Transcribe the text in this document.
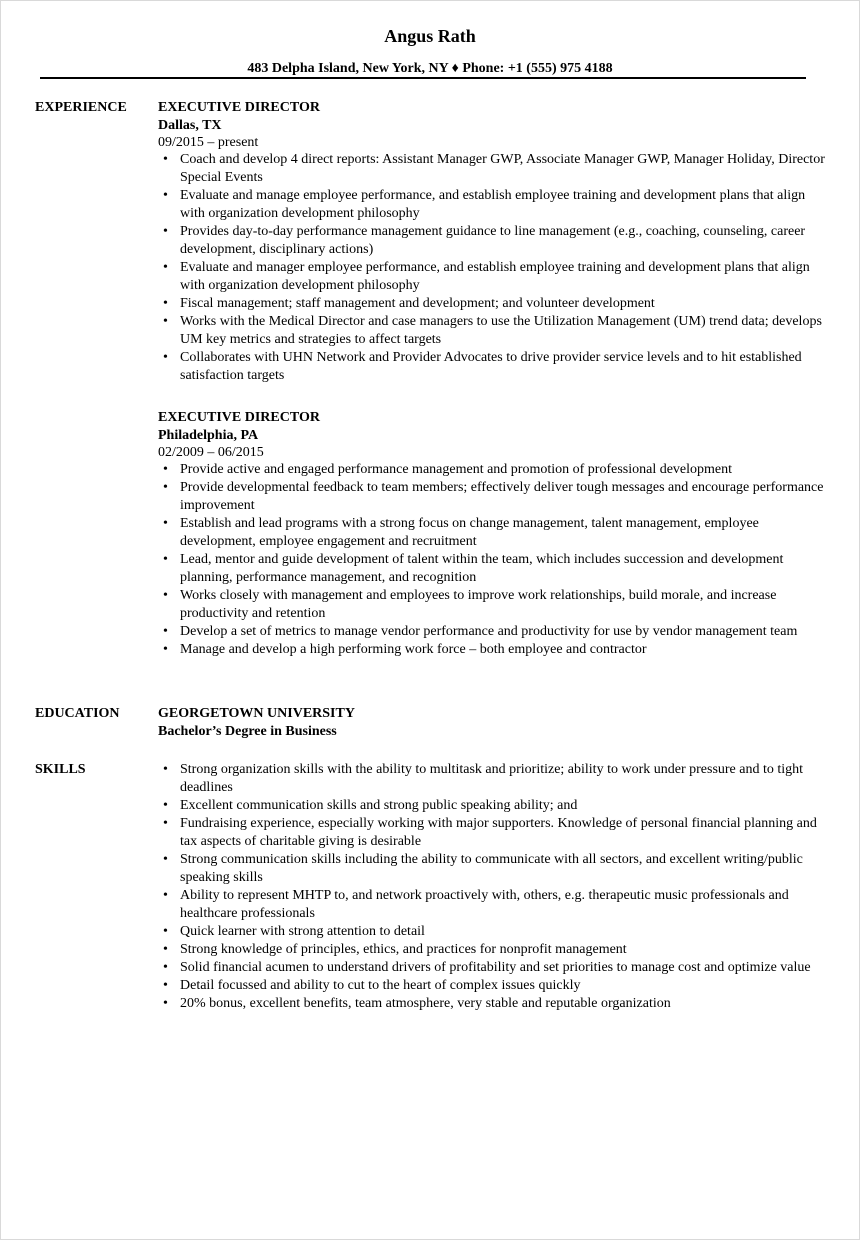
Angus Rath
483 Delpha Island, New York, NY ♦ Phone: +1 (555) 975 4188
EXPERIENCE	EXECUTIVE DIRECTOR
Dallas, TX
09/2015 – present
• Coach and develop 4 direct reports: Assistant Manager GWP, Associate Manager GWP, Manager Holiday, Director Special Events
• Evaluate and manage employee performance, and establish employee training and development plans that align with organization development philosophy
• Provides day-to-day performance management guidance to line management (e.g., coaching, counseling, career development, disciplinary actions)
• Evaluate and manager employee performance, and establish employee training and development plans that align with organization development philosophy
• Fiscal management; staff management and development; and volunteer development
• Works with the Medical Director and case managers to use the Utilization Management (UM) trend data; develops UM key metrics and strategies to affect targets
• Collaborates with UHN Network and Provider Advocates to drive provider service levels and to hit established satisfaction targets
EXECUTIVE DIRECTOR
Philadelphia, PA
02/2009 – 06/2015
• Provide active and engaged performance management and promotion of professional development
• Provide developmental feedback to team members; effectively deliver tough messages and encourage performance improvement
• Establish and lead programs with a strong focus on change management, talent management, employee development, employee engagement and recruitment
• Lead, mentor and guide development of talent within the team, which includes succession and development planning, performance management, and recognition
• Works closely with management and employees to improve work relationships, build morale, and increase productivity and retention
• Develop a set of metrics to manage vendor performance and productivity for use by vendor management team
• Manage and develop a high performing work force – both employee and contractor
EDUCATION	GEORGETOWN UNIVERSITY
Bachelor’s Degree in Business
SKILLS	• Strong organization skills with the ability to multitask and prioritize; ability to work under pressure and to tight deadlines
• Excellent communication skills and strong public speaking ability; and
• Fundraising experience, especially working with major supporters. Knowledge of personal financial planning and tax aspects of charitable giving is desirable
• Strong communication skills including the ability to communicate with all sectors, and excellent writing/public speaking skills
• Ability to represent MHTP to, and network proactively with, others, e.g. therapeutic music professionals and healthcare professionals
• Quick learner with strong attention to detail
• Strong knowledge of principles, ethics, and practices for nonprofit management
• Solid financial acumen to understand drivers of profitability and set priorities to manage cost and optimize value
• Detail focussed and ability to cut to the heart of complex issues quickly
• 20% bonus, excellent benefits, team atmosphere, very stable and reputable organization
